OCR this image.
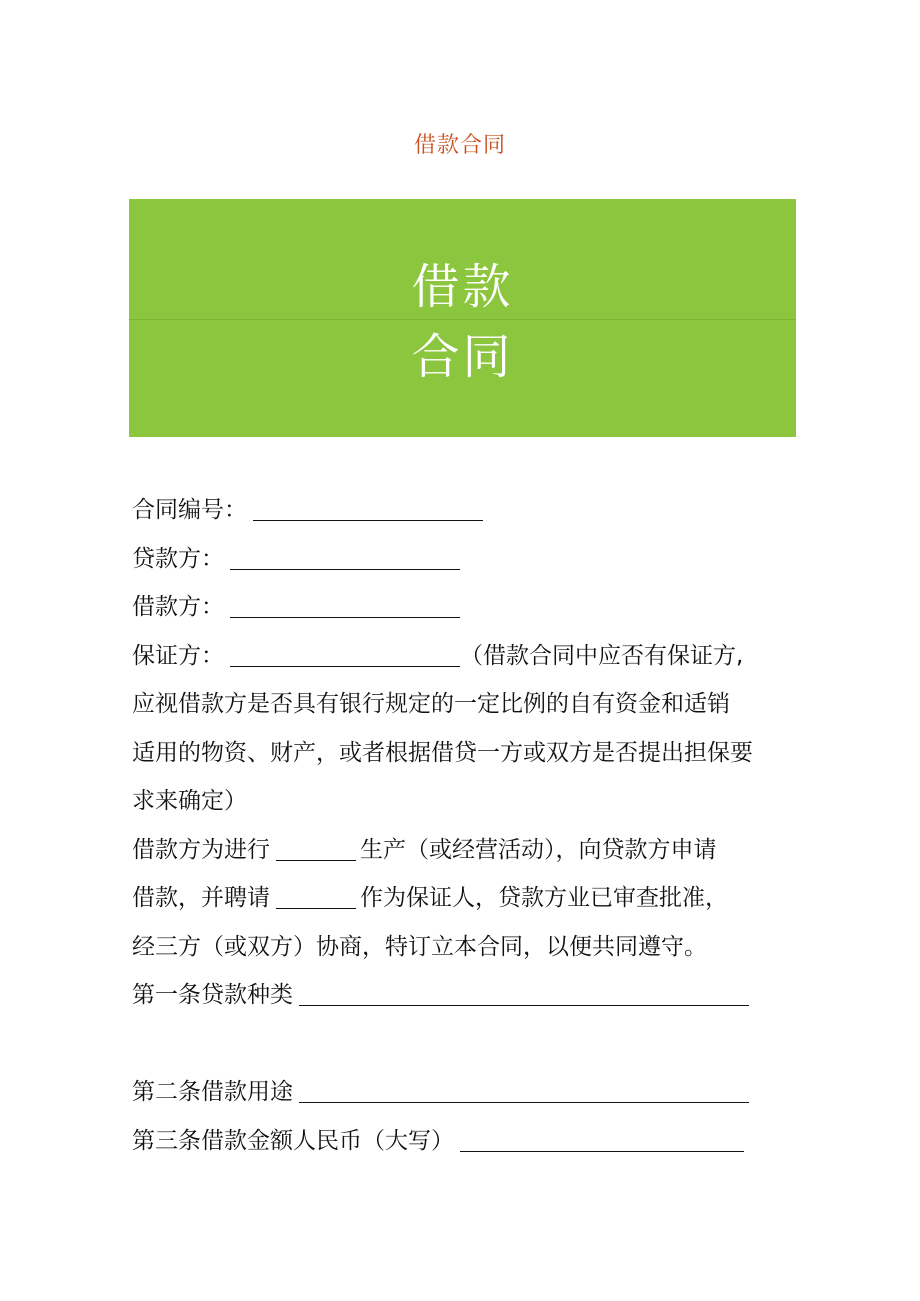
借款合同
借款
合同
合同编号：
贷款方：
借款方：
保证方：	（借款合同中应否有保证方,
应视借款方是否具有银行规定的一定比例的自有资金和适销
适用的物资、财产，或者根据借贷一方或双方是否提出担保要
求来确定）
借款方为进行	生产（或经营活动），向贷款方申请
借款，并聘请	作为保证人，贷款方业已审查批准，
经三方（或双方）协商，特订立本合同，以便共同遵守。
第一条贷款种类
第二条借款用途
第三条借款金额人民币（大写）
